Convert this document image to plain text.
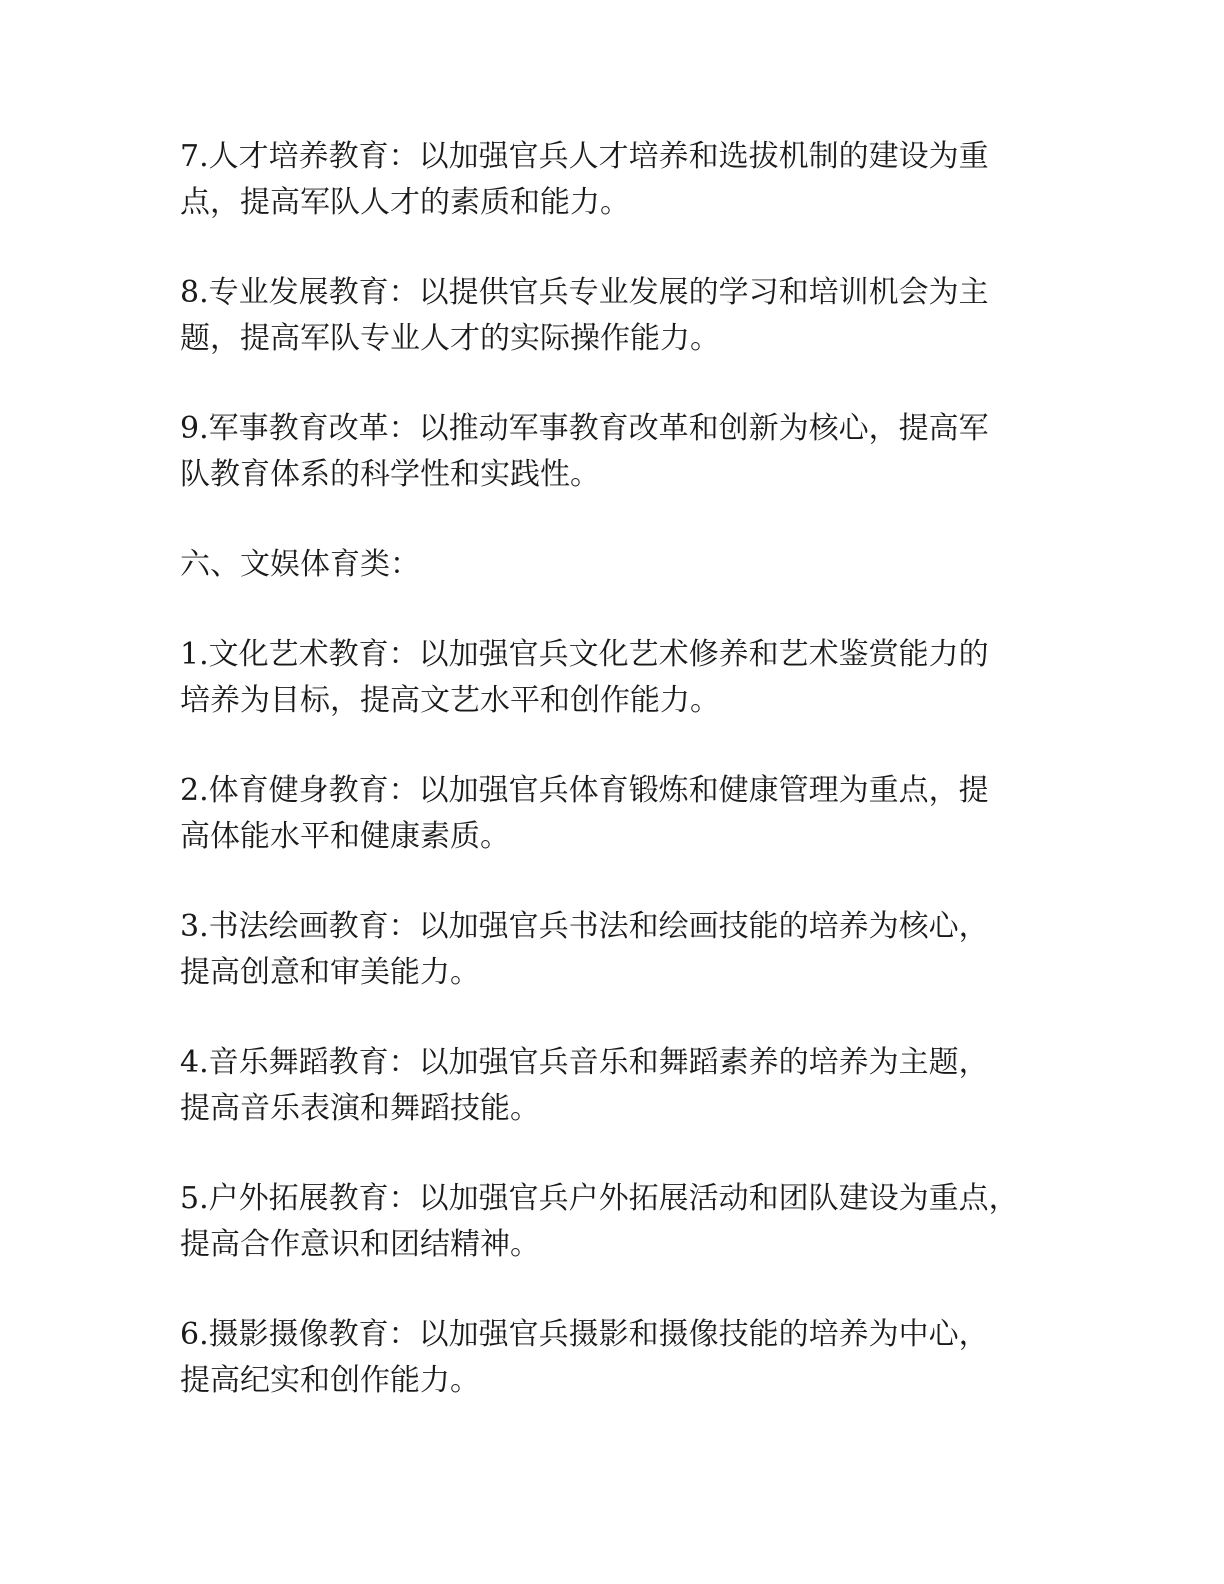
7.人才培养教育：以加强官兵人才培养和选拔机制的建设为重
点，提高军队人才的素质和能力。

8.专业发展教育：以提供官兵专业发展的学习和培训机会为主
题，提高军队专业人才的实际操作能力。

9.军事教育改革：以推动军事教育改革和创新为核心，提高军
队教育体系的科学性和实践性。

六、文娱体育类：

1.文化艺术教育：以加强官兵文化艺术修养和艺术鉴赏能力的
培养为目标，提高文艺水平和创作能力。

2.体育健身教育：以加强官兵体育锻炼和健康管理为重点，提
高体能水平和健康素质。

3.书法绘画教育：以加强官兵书法和绘画技能的培养为核心，
提高创意和审美能力。

4.音乐舞蹈教育：以加强官兵音乐和舞蹈素养的培养为主题，
提高音乐表演和舞蹈技能。

5.户外拓展教育：以加强官兵户外拓展活动和团队建设为重点，
提高合作意识和团结精神。

6.摄影摄像教育：以加强官兵摄影和摄像技能的培养为中心，
提高纪实和创作能力。
